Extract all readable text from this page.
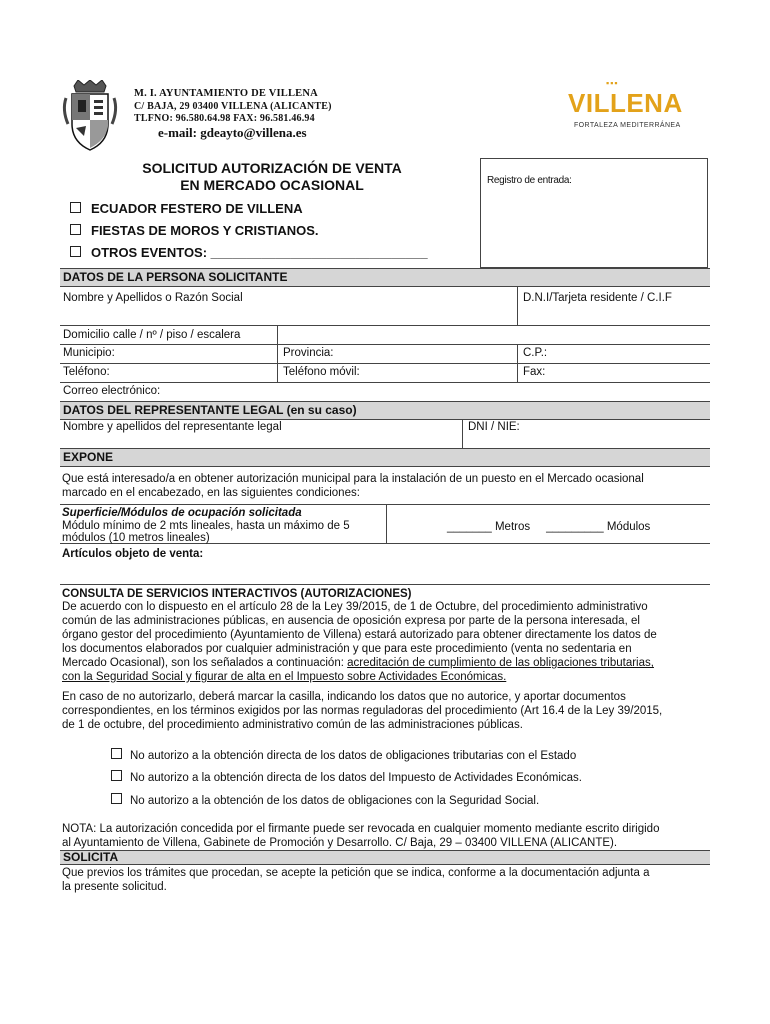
M. I. AYUNTAMIENTO DE VILLENA
C/ BAJA, 29 03400 VILLENA (ALICANTE)
TLFNO: 96.580.64.98 FAX: 96.581.46.94
e-mail: gdeayto@villena.es
▪▪▪
VILLENA
FORTALEZA MEDITERRÁNEA
SOLICITUD AUTORIZACIÓN DE VENTA
EN MERCADO OCASIONAL	Registro de entrada:
ECUADOR FESTERO DE VILLENA
FIESTAS DE MOROS Y CRISTIANOS.
OTROS EVENTOS: ______________________________
DATOS DE LA PERSONA SOLICITANTE
Nombre y Apellidos o Razón Social	D.N.I/Tarjeta residente / C.I.F
Domicilio calle / nº / piso / escalera
Municipio:	Provincia:	C.P.:
Teléfono:	Teléfono móvil:	Fax:
Correo electrónico:
DATOS DEL REPRESENTANTE LEGAL (en su caso)
Nombre y apellidos del representante legal	DNI / NIE:
EXPONE
Que está interesado/a en obtener autorización municipal para la instalación de un puesto en el Mercado ocasional
marcado en el encabezado, en las siguientes condiciones:
Superficie/Módulos de ocupación solicitada
Módulo mínimo de 2 mts lineales, hasta un máximo de 5
módulos (10 metros lineales)
_______ Metros     _________ Módulos
Artículos objeto de venta:
CONSULTA DE SERVICIOS INTERACTIVOS (AUTORIZACIONES)
De acuerdo con lo dispuesto en el artículo 28 de la Ley 39/2015, de 1 de Octubre, del procedimiento administrativo
común de las administraciones públicas, en ausencia de oposición expresa por parte de la persona interesada, el
órgano gestor del procedimiento (Ayuntamiento de Villena) estará autorizado para obtener directamente los datos de
los documentos elaborados por cualquier administración y que para este procedimiento (venta no sedentaria en
Mercado Ocasional), son los señalados a continuación: acreditación de cumplimiento de las obligaciones tributarias,
con la Seguridad Social y figurar de alta en el Impuesto sobre Actividades Económicas.
En caso de no autorizarlo, deberá marcar la casilla, indicando los datos que no autorice, y aportar documentos
correspondientes, en los términos exigidos por las normas reguladoras del procedimiento (Art 16.4 de la Ley 39/2015,
de 1 de octubre, del procedimiento administrativo común de las administraciones públicas.
No autorizo a la obtención directa de los datos de obligaciones tributarias con el Estado
No autorizo a la obtención directa de los datos del Impuesto de Actividades Económicas.
No autorizo a la obtención de los datos de obligaciones con la Seguridad Social.
NOTA: La autorización concedida por el firmante puede ser revocada en cualquier momento mediante escrito dirigido
al Ayuntamiento de Villena, Gabinete de Promoción y Desarrollo. C/ Baja, 29 – 03400 VILLENA (ALICANTE).
SOLICITA
Que previos los trámites que procedan, se acepte la petición que se indica, conforme a la documentación adjunta a
la presente solicitud.
